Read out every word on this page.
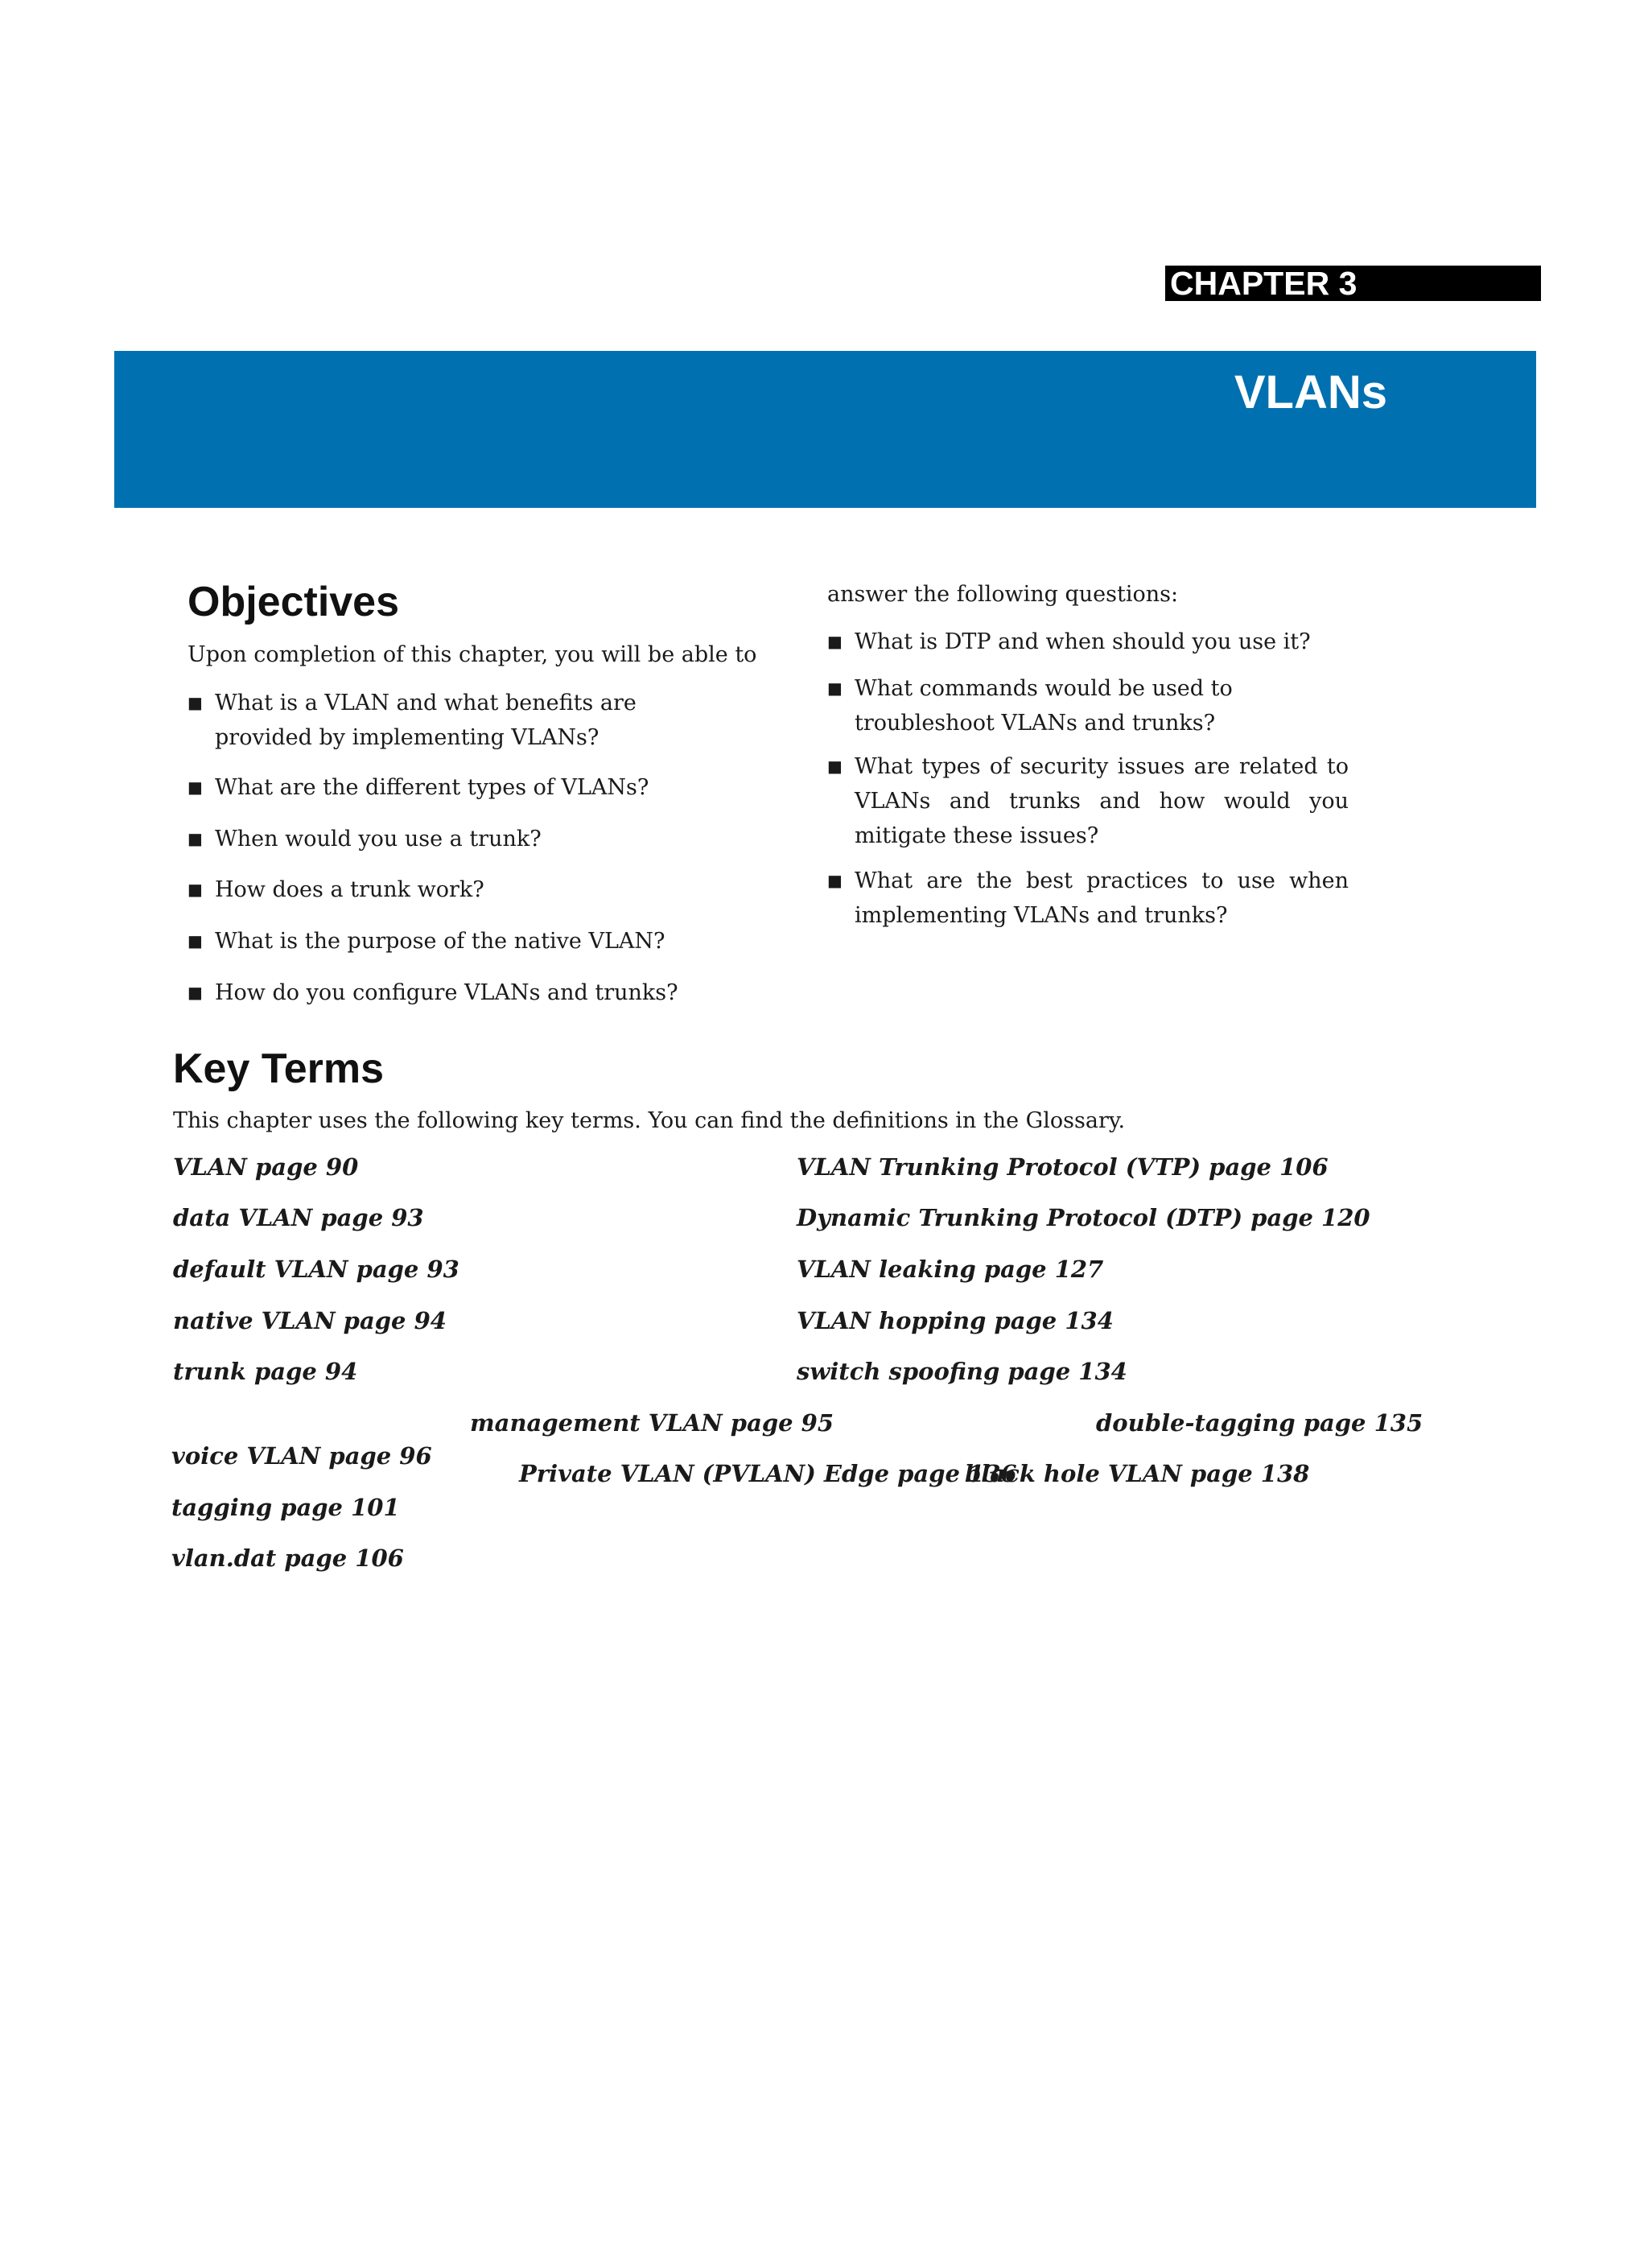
CHAPTER 3
VLANs
Objectives
Upon completion of this chapter, you will be able to
■ What is a VLAN and what benefits are provided by implementing VLANs?
■ What are the different types of VLANs?
■ When would you use a trunk?
■ How does a trunk work?
■ What is the purpose of the native VLAN?
■ How do you configure VLANs and trunks?
answer the following questions:
■ What is DTP and when should you use it?
■ What commands would be used to troubleshoot VLANs and trunks?
■ What types of security issues are related to VLANs and trunks and how would you mitigate these issues?
■ What are the best practices to use when implementing VLANs and trunks?
Key Terms
This chapter uses the following key terms. You can find the definitions in the Glossary.
VLAN page 90
data VLAN page 93
default VLAN page 93
native VLAN page 94
trunk page 94
management VLAN page 95
voice VLAN page 96
tagging page 101
vlan.dat page 106
VLAN Trunking Protocol (VTP) page 106
Dynamic Trunking Protocol (DTP) page 120
VLAN leaking page 127
VLAN hopping page 134
switch spoofing page 134
double-tagging page 135
Private VLAN (PVLAN) Edge page 136
black hole VLAN page 138
